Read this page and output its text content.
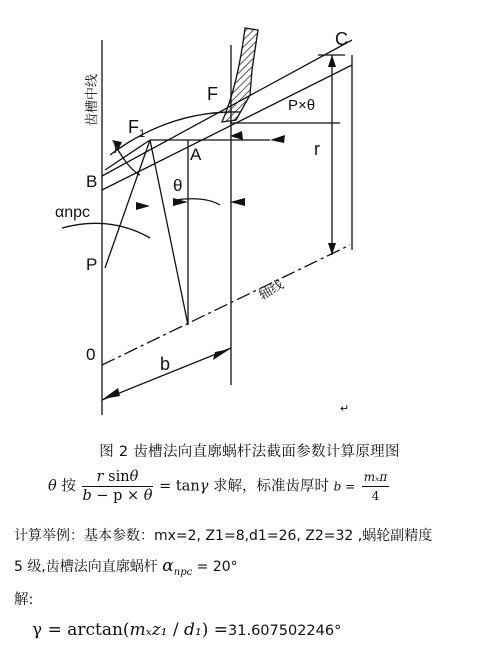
齿槽中线
轴线
C
F
$F_1$
A
B
P
0
γ
θ
αnpc
r
b
P×θ
↵
图 2 齿槽法向直廓蜗杆法截面参数计算原理图
θ 按 $\frac{\text{r sinθ}}{b - p \times \theta} = \tan\gamma$ 求解，标准齿厚时 $b = \frac{\text{mₓπ}}{4}$
计算举例：基本参数：mx=2, Z1=8,d1=26, Z2=32 ,蜗轮副精度
5 级,齿槽法向直廓蜗杆 $\alpha_{npc} = 20^\circ$
解:
γ = arctan(mₓz₁ / d₁) =31.607502246°
